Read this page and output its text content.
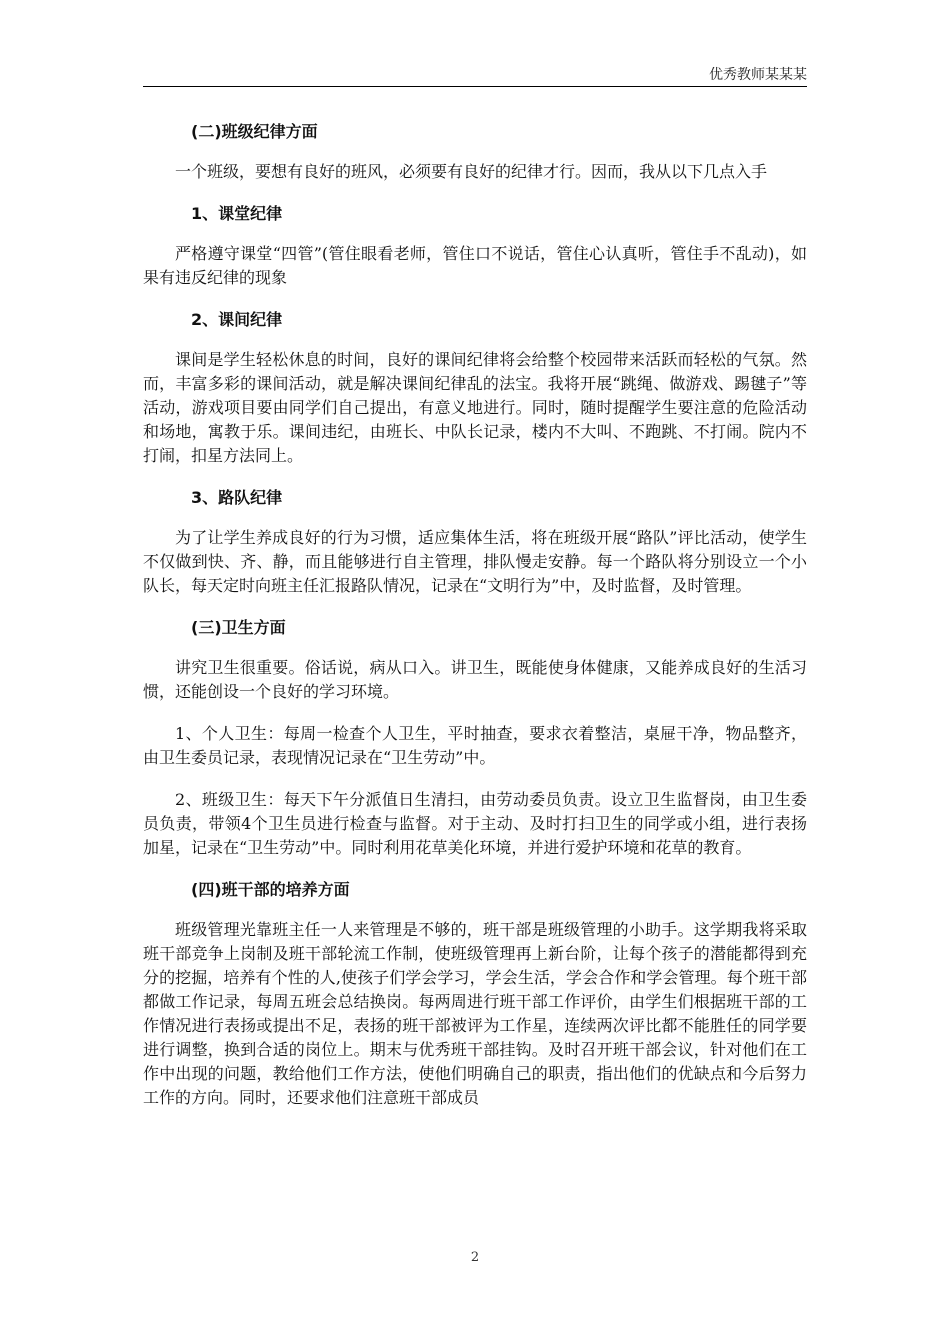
优秀教师某某某
(二)班级纪律方面

一个班级，要想有良好的班风，必须要有良好的纪律才行。因而，我从以下几点入手

1、课堂纪律

严格遵守课堂“四管”(管住眼看老师，管住口不说话，管住心认真听，管住手不乱动)，如果有违反纪律的现象

2、课间纪律

课间是学生轻松休息的时间，良好的课间纪律将会给整个校园带来活跃而轻松的气氛。然而，丰富多彩的课间活动，就是解决课间纪律乱的法宝。我将开展“跳绳、做游戏、踢毽子”等活动，游戏项目要由同学们自己提出，有意义地进行。同时，随时提醒学生要注意的危险活动和场地，寓教于乐。课间违纪，由班长、中队长记录，楼内不大叫、不跑跳、不打闹。院内不打闹，扣星方法同上。

3、路队纪律

为了让学生养成良好的行为习惯，适应集体生活，将在班级开展“路队”评比活动，使学生不仅做到快、齐、静，而且能够进行自主管理，排队慢走安静。每一个路队将分别设立一个小队长，每天定时向班主任汇报路队情况，记录在“文明行为”中，及时监督，及时管理。

(三)卫生方面

讲究卫生很重要。俗话说，病从口入。讲卫生，既能使身体健康，又能养成良好的生活习惯，还能创设一个良好的学习环境。

1、个人卫生：每周一检查个人卫生，平时抽查，要求衣着整洁，桌屉干净，物品整齐，由卫生委员记录，表现情况记录在“卫生劳动”中。

2、班级卫生：每天下午分派值日生清扫，由劳动委员负责。设立卫生监督岗，由卫生委员负责，带领4个卫生员进行检查与监督。对于主动、及时打扫卫生的同学或小组，进行表扬加星，记录在“卫生劳动”中。同时利用花草美化环境，并进行爱护环境和花草的教育。

(四)班干部的培养方面

班级管理光靠班主任一人来管理是不够的，班干部是班级管理的小助手。这学期我将采取班干部竞争上岗制及班干部轮流工作制，使班级管理再上新台阶，让每个孩子的潜能都得到充分的挖掘，培养有个性的人,使孩子们学会学习，学会生活，学会合作和学会管理。每个班干部都做工作记录，每周五班会总结换岗。每两周进行班干部工作评价，由学生们根据班干部的工作情况进行表扬或提出不足，表扬的班干部被评为工作星，连续两次评比都不能胜任的同学要进行调整，换到合适的岗位上。期末与优秀班干部挂钩。及时召开班干部会议，针对他们在工作中出现的问题，教给他们工作方法，使他们明确自己的职责，指出他们的优缺点和今后努力工作的方向。同时，还要求他们注意班干部成员

2
